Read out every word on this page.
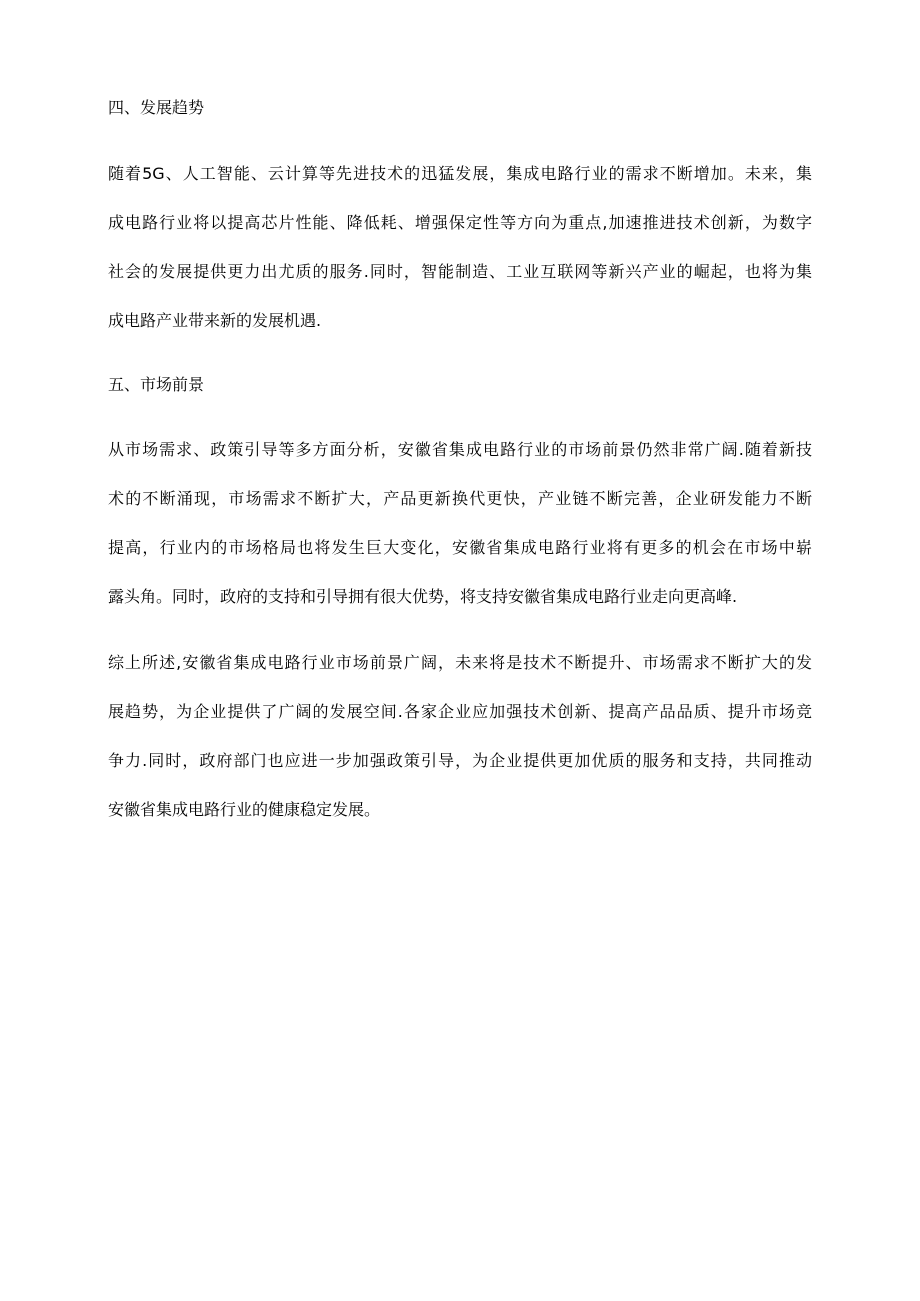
四、发展趋势
随着5G、人工智能、云计算等先进技术的迅猛发展，集成电路行业的需求不断增加。未来，集
成电路行业将以提高芯片性能、降低耗、增强保定性等方向为重点,加速推进技术创新，为数字
社会的发展提供更力出尤质的服务.同时，智能制造、工业互联网等新兴产业的崛起，也将为集
成电路产业带来新的发展机遇.
五、市场前景
从市场需求、政策引导等多方面分析，安徽省集成电路行业的市场前景仍然非常广阔.随着新技
术的不断涌现，市场需求不断扩大，产品更新换代更快，产业链不断完善，企业研发能力不断
提高，行业内的市场格局也将发生巨大变化，安徽省集成电路行业将有更多的机会在市场中崭
露头角。同时，政府的支持和引导拥有很大优势，将支持安徽省集成电路行业走向更高峰.
综上所述,安徽省集成电路行业市场前景广阔，未来将是技术不断提升、市场需求不断扩大的发
展趋势，为企业提供了广阔的发展空间.各家企业应加强技术创新、提高产品品质、提升市场竞
争力.同时，政府部门也应进一步加强政策引导，为企业提供更加优质的服务和支持，共同推动
安徽省集成电路行业的健康稳定发展。
